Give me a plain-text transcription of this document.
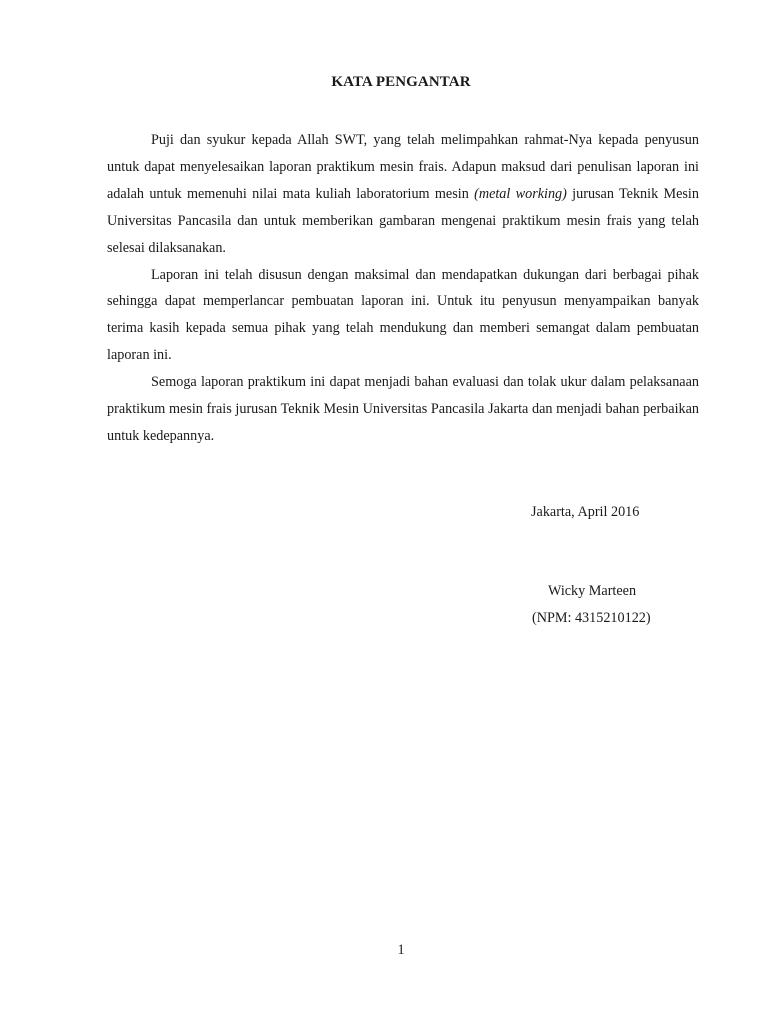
KATA PENGANTAR

Puji dan syukur kepada Allah SWT, yang telah melimpahkan rahmat-Nya kepada penyusun untuk dapat menyelesaikan laporan praktikum mesin frais. Adapun maksud dari penulisan laporan ini adalah untuk memenuhi nilai mata kuliah laboratorium mesin (metal working) jurusan Teknik Mesin Universitas Pancasila dan untuk memberikan gambaran mengenai praktikum mesin frais yang telah selesai dilaksanakan.

Laporan ini telah disusun dengan maksimal dan mendapatkan dukungan dari berbagai pihak sehingga dapat memperlancar pembuatan laporan ini. Untuk itu penyusun menyampaikan banyak terima kasih kepada semua pihak yang telah mendukung dan memberi semangat dalam pembuatan laporan ini.

Semoga laporan praktikum ini dapat menjadi bahan evaluasi dan tolak ukur dalam pelaksanaan praktikum mesin frais jurusan Teknik Mesin Universitas Pancasila Jakarta dan menjadi bahan perbaikan untuk kedepannya.

Jakarta, April 2016
Wicky Marteen
(NPM: 4315210122)
1
